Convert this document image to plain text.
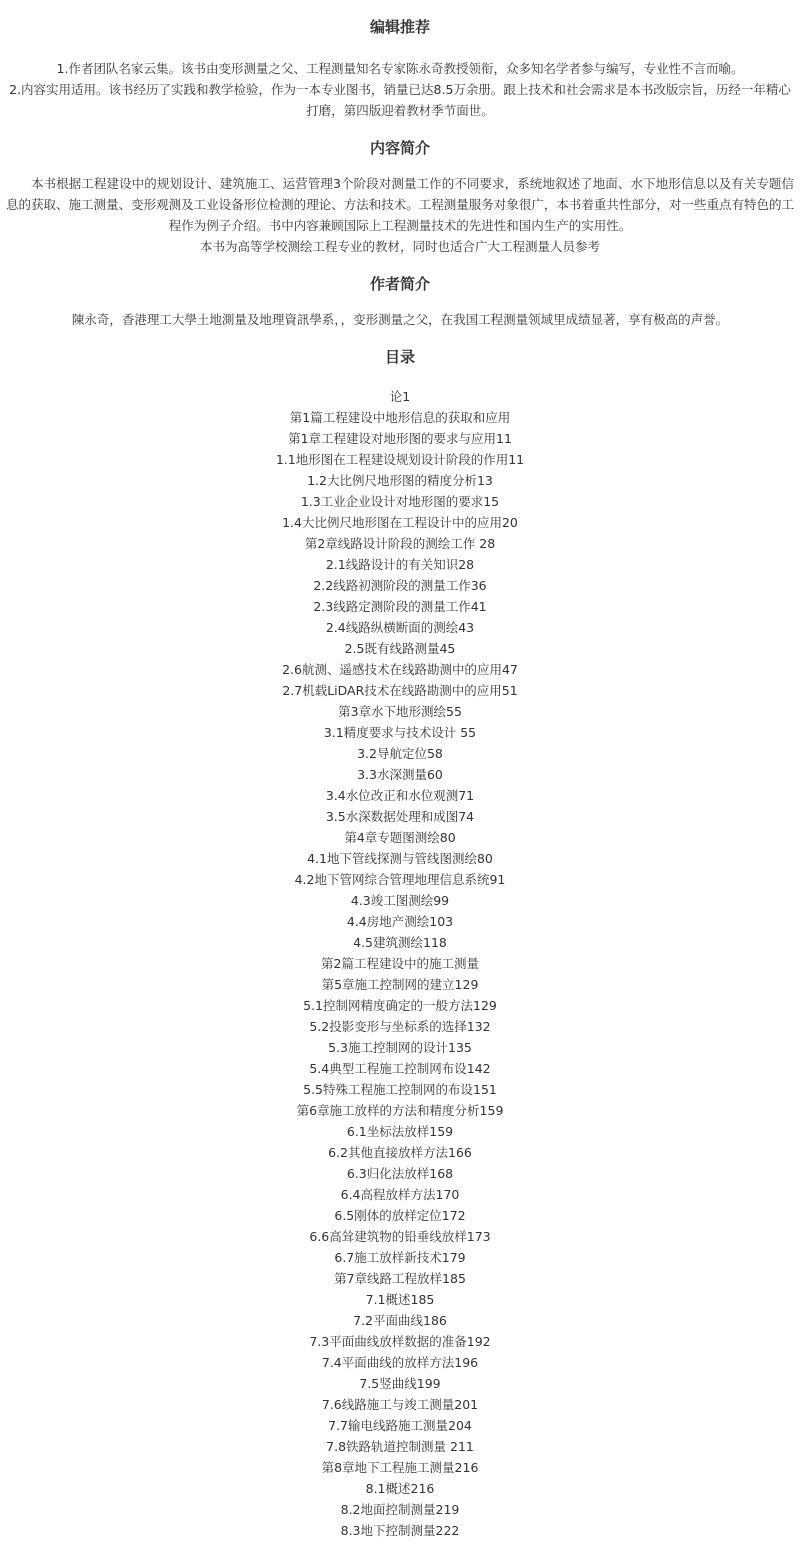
编辑推荐

1.作者团队名家云集。该书由变形测量之父、工程测量知名专家陈永奇教授领衔，众多知名学者参与编写，专业性不言而喻。

2.内容实用适用。该书经历了实践和教学检验，作为一本专业图书，销量已达8.5万余册。跟上技术和社会需求是本书改版宗旨，历经一年精心打磨，第四版迎着教材季节面世。

内容简介

本书根据工程建设中的规划设计、建筑施工、运营管理3个阶段对测量工作的不同要求，系统地叙述了地面、水下地形信息以及有关专题信息的获取、施工测量、变形观测及工业设备形位检测的理论、方法和技术。工程测量服务对象很广，本书着重共性部分，对一些重点有特色的工程作为例子介绍。书中内容兼顾国际上工程测量技术的先进性和国内生产的实用性。

本书为高等学校测绘工程专业的教材，同时也适合广大工程测量人员参考

作者简介

陳永奇，香港理工大學土地測量及地理資訊學系，，变形测量之父，在我国工程测量领域里成绩显著，享有极高的声誉。

目录
论1
第1篇工程建设中地形信息的获取和应用
第1章工程建设对地形图的要求与应用11
1.1地形图在工程建设规划设计阶段的作用11
1.2大比例尺地形图的精度分析13
1.3工业企业设计对地形图的要求15
1.4大比例尺地形图在工程设计中的应用20
第2章线路设计阶段的测绘工作 28
2.1线路设计的有关知识28
2.2线路初测阶段的测量工作36
2.3线路定测阶段的测量工作41
2.4线路纵横断面的测绘43
2.5既有线路测量45
2.6航测、遥感技术在线路勘测中的应用47
2.7机载LiDAR技术在线路勘测中的应用51
第3章水下地形测绘55
3.1精度要求与技术设计 55
3.2导航定位58
3.3水深测量60
3.4水位改正和水位观测71
3.5水深数据处理和成图74
第4章专题图测绘80
4.1地下管线探测与管线图测绘80
4.2地下管网综合管理地理信息系统91
4.3竣工图测绘99
4.4房地产测绘103
4.5建筑测绘118
第2篇工程建设中的施工测量
第5章施工控制网的建立129
5.1控制网精度确定的一般方法129
5.2投影变形与坐标系的选择132
5.3施工控制网的设计135
5.4典型工程施工控制网布设142
5.5特殊工程施工控制网的布设151
第6章施工放样的方法和精度分析159
6.1坐标法放样159
6.2其他直接放样方法166
6.3归化法放样168
6.4高程放样方法170
6.5刚体的放样定位172
6.6高耸建筑物的铅垂线放样173
6.7施工放样新技术179
第7章线路工程放样185
7.1概述185
7.2平面曲线186
7.3平面曲线放样数据的准备192
7.4平面曲线的放样方法196
7.5竖曲线199
7.6线路施工与竣工测量201
7.7输电线路施工测量204
7.8铁路轨道控制测量 211
第8章地下工程施工测量216
8.1概述216
8.2地面控制测量219
8.3地下控制测量222
